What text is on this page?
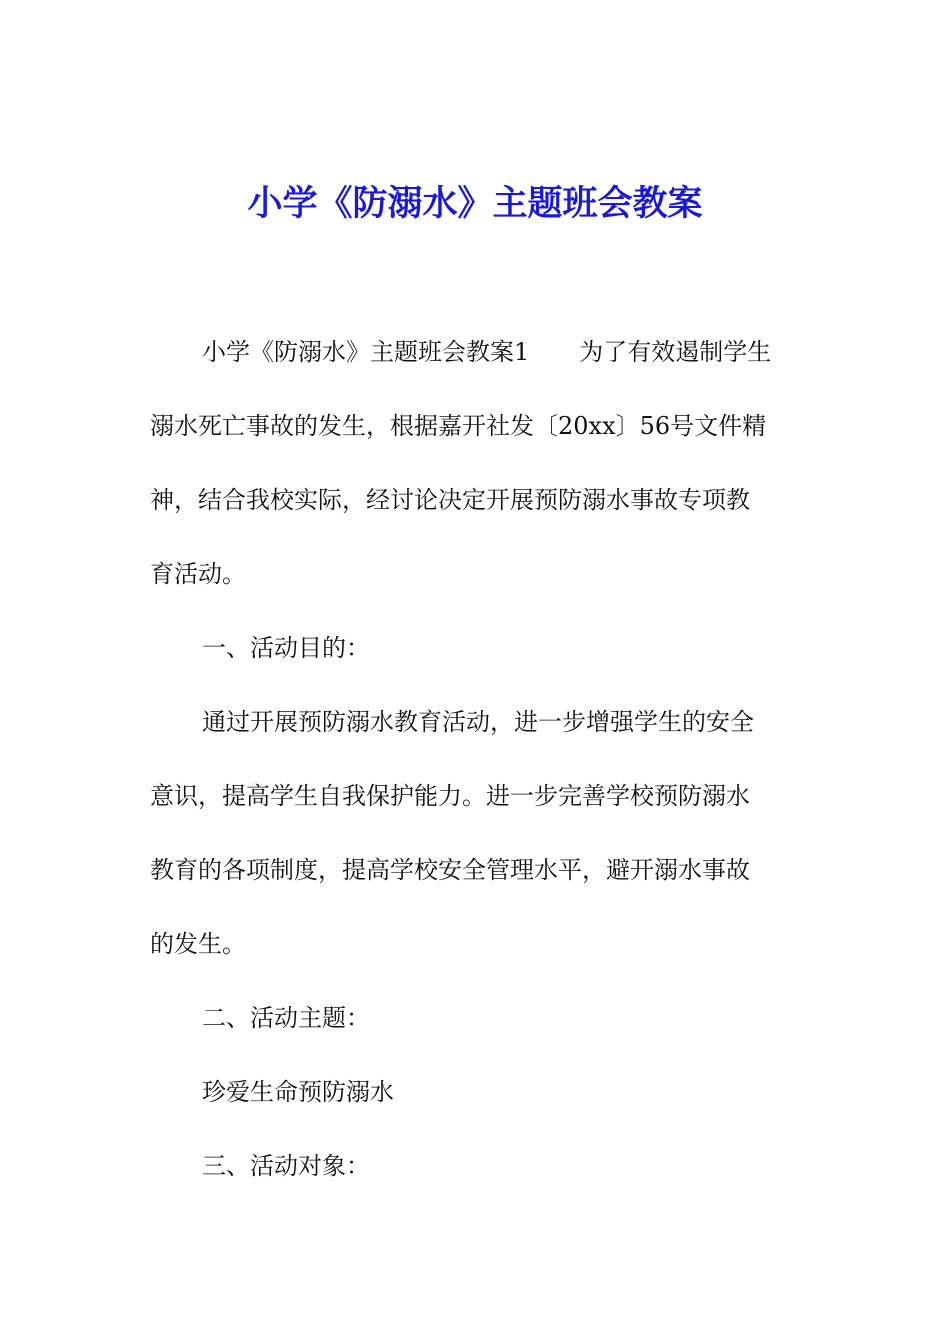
小学《防溺水》主题班会教案
小学《防溺水》主题班会教案1 为了有效遏制学生
溺水死亡事故的发生，根据嘉开社发〔20xx〕56号文件精
神，结合我校实际，经讨论决定开展预防溺水事故专项教
育活动。
一、活动目的：
通过开展预防溺水教育活动，进一步增强学生的安全
意识，提高学生自我保护能力。进一步完善学校预防溺水
教育的各项制度，提高学校安全管理水平，避开溺水事故
的发生。
二、活动主题：
珍爱生命预防溺水
三、活动对象：
